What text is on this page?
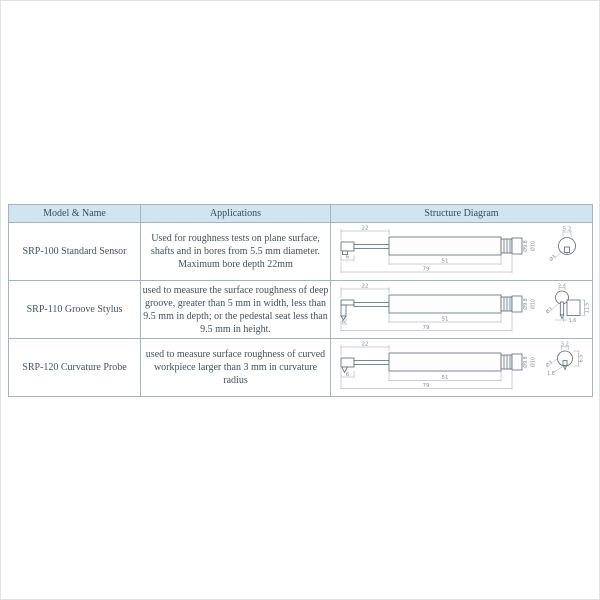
Model & Name	Applications	Structure Diagram
SRP-100 Standard Sensor	Used for roughness tests on plane surface, shafts and in bores from 5.5 mm diameter. Maximum bore depth 22mm	
22
6
51
79
Ø9.8 Ø10
5.2
Ø3

SRP-110 Groove Stylus	used to measure the surface roughness of deep groove, greater than 5 mm in width, less than 9.5 mm in depth; or the pedestal seat less than 9.5 mm in height.	
22
6	51
79
Ø9.8 Ø10
5.2
11.5
1.6
Ø3

SRP-120 Curvature Probe	used to measure surface roughness of curved workpiece larger than 3 mm in curvature radius	
22
6
51
79
Ø9.8 Ø10
5.2
6.5
1.6
Ø3
